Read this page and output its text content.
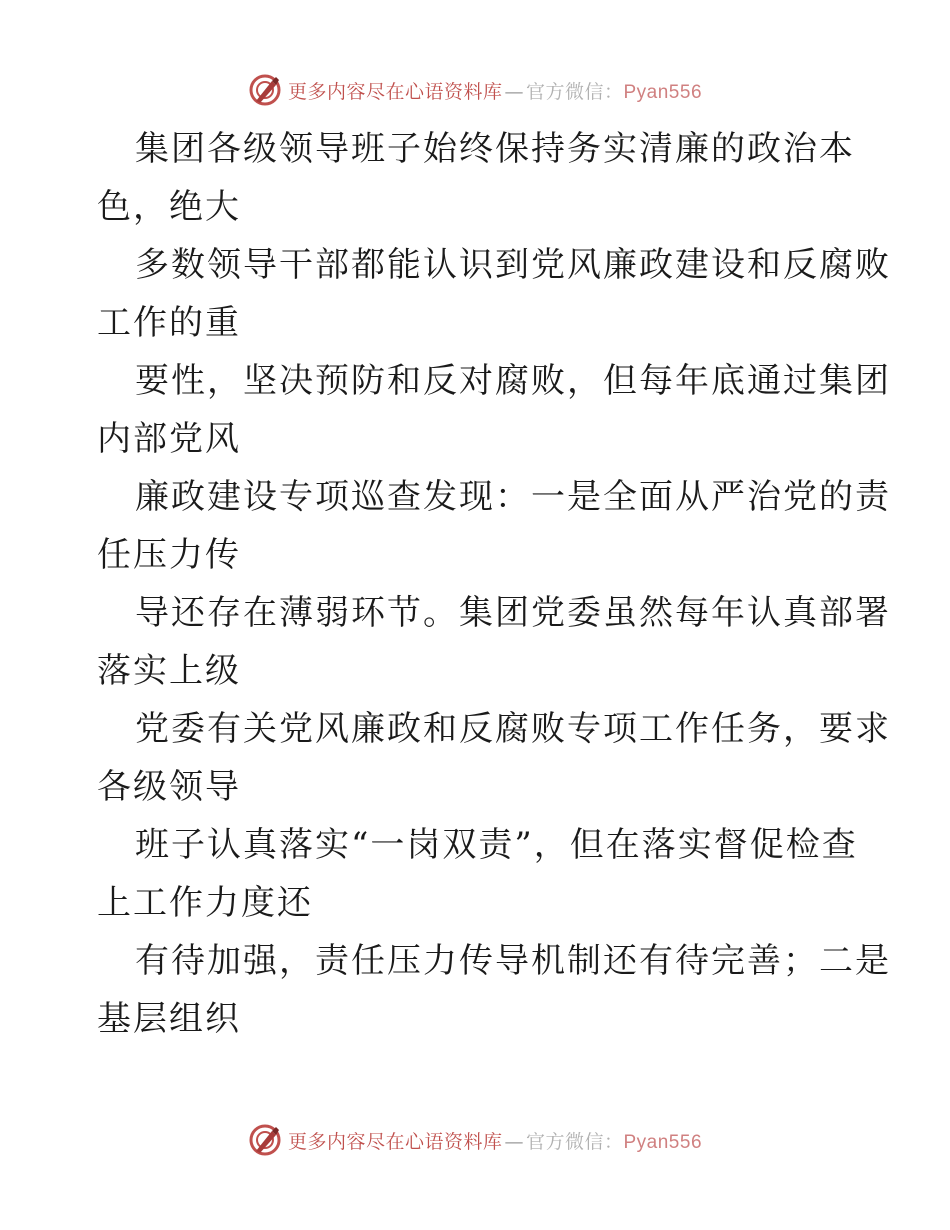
更多内容尽在心语资料库 — 官方微信：Pyan556
集团各级领导班子始终保持务实清廉的政治本
色，绝大
多数领导干部都能认识到党风廉政建设和反腐败
工作的重
要性，坚决预防和反对腐败，但每年底通过集团
内部党风
廉政建设专项巡查发现：一是全面从严治党的责
任压力传
导还存在薄弱环节。集团党委虽然每年认真部署
落实上级
党委有关党风廉政和反腐败专项工作任务，要求
各级领导
班子认真落实“一岗双责”，但在落实督促检查
上工作力度还
有待加强，责任压力传导机制还有待完善；二是
基层组织
更多内容尽在心语资料库 — 官方微信：Pyan556
